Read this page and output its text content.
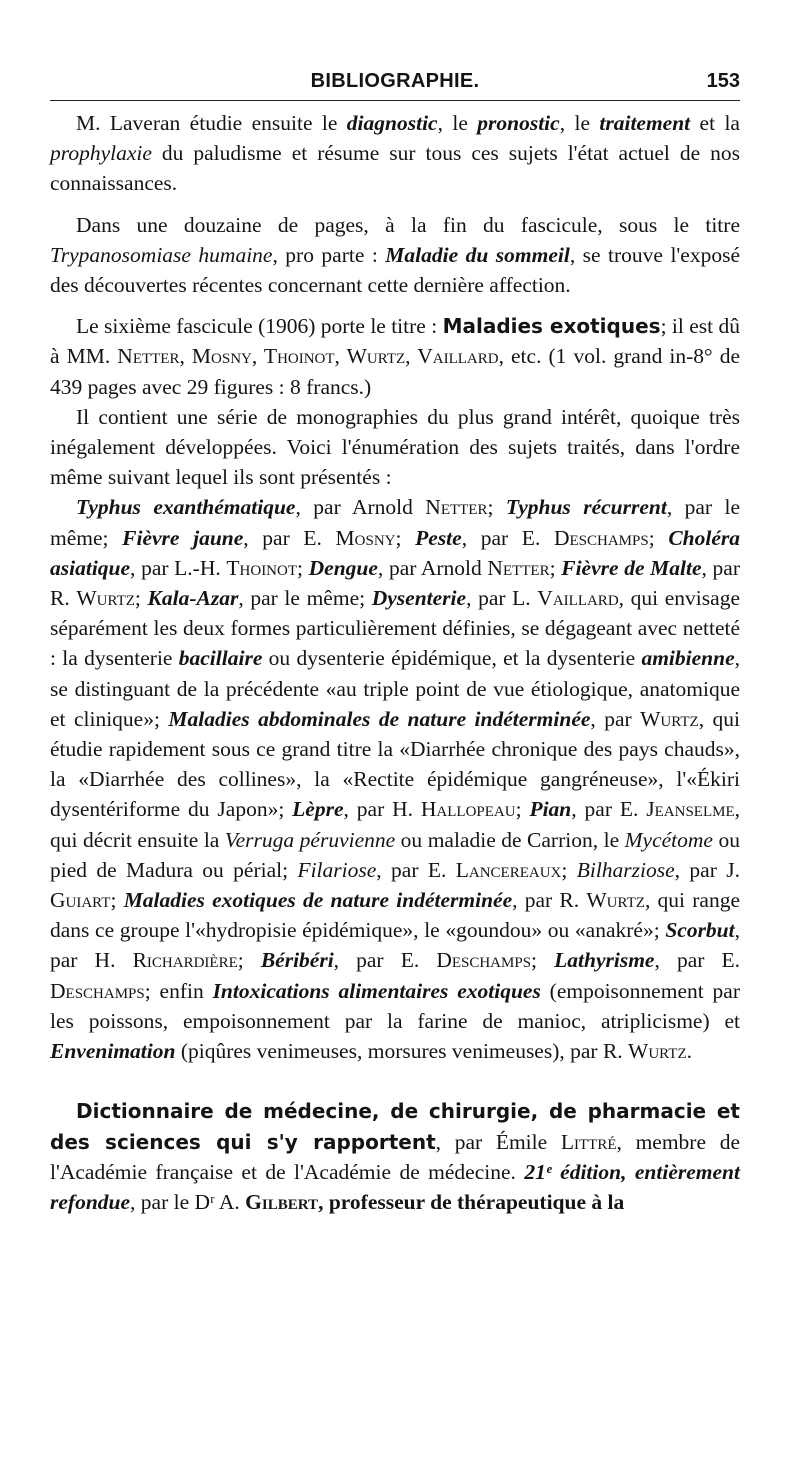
BIBLIOGRAPHIE.	153

M. Laveran étudie ensuite le diagnostic, le pronostic, le traitement et la prophylaxie du paludisme et résume sur tous ces sujets l'état actuel de nos connaissances.

Dans une douzaine de pages, à la fin du fascicule, sous le titre Trypanosomiase humaine, pro parte : Maladie du sommeil, se trouve l'exposé des découvertes récentes concernant cette dernière affection.

Le sixième fascicule (1906) porte le titre : Maladies exotiques; il est dû à MM. Netter, Mosny, Thoinot, Wurtz, Vaillard, etc. (1 vol. grand in-8° de 439 pages avec 29 figures : 8 francs.)

Il contient une série de monographies du plus grand intérêt, quoique très inégalement développées. Voici l'énumération des sujets traités, dans l'ordre même suivant lequel ils sont présentés :
Typhus exanthématique, par Arnold Netter; Typhus récurrent, par le même; Fièvre jaune, par E. Mosny; Peste, par E. Deschamps; Choléra asiatique, par L.-H. Thoinot; Dengue, par Arnold Netter; Fièvre de Malte, par R. Wurtz; Kala-Azar, par le même; Dysenterie, par L. Vaillard, qui envisage séparément les deux formes particulièrement définies, se dégageant avec netteté : la dysenterie bacillaire ou dysenterie épidémique, et la dysenterie amibienne, se distinguant de la précédente «au triple point de vue étiologique, anatomique et clinique»; Maladies abdominales de nature indéterminée, par Wurtz, qui étudie rapidement sous ce grand titre la «Diarrhée chronique des pays chauds», la «Diarrhée des collines», la «Rectite épidémique gangréneuse», l'«Ékiri dysentériforme du Japon»; Lèpre, par H. Hallopeau; Pian, par E. Jeanselme, qui décrit ensuite la Verruga péruvienne ou maladie de Carrion, le Mycétome ou pied de Madura ou périal; Filariose, par E. Lancereaux; Bilharziose, par J. Guiart; Maladies exotiques de nature indéterminée, par R. Wurtz, qui range dans ce groupe l'«hydropisie épidémique», le «goundou» ou «anakré»; Scorbut, par H. Richardière; Béribéri, par E. Deschamps; Lathyrisme, par E. Deschamps; enfin Intoxications alimentaires exotiques (empoisonnement par les poissons, empoisonnement par la farine de manioc, atriplicisme) et Envenimation (piqûres venimeuses, morsures venimeuses), par R. Wurtz.

Dictionnaire de médecine, de chirurgie, de pharmacie et des sciences qui s'y rapportent, par Émile Littré, membre de l'Académie française et de l'Académie de médecine. 21ᵉ édition, entièrement refondue, par le Dʳ A. Gilbert, professeur de thérapeutique à la
